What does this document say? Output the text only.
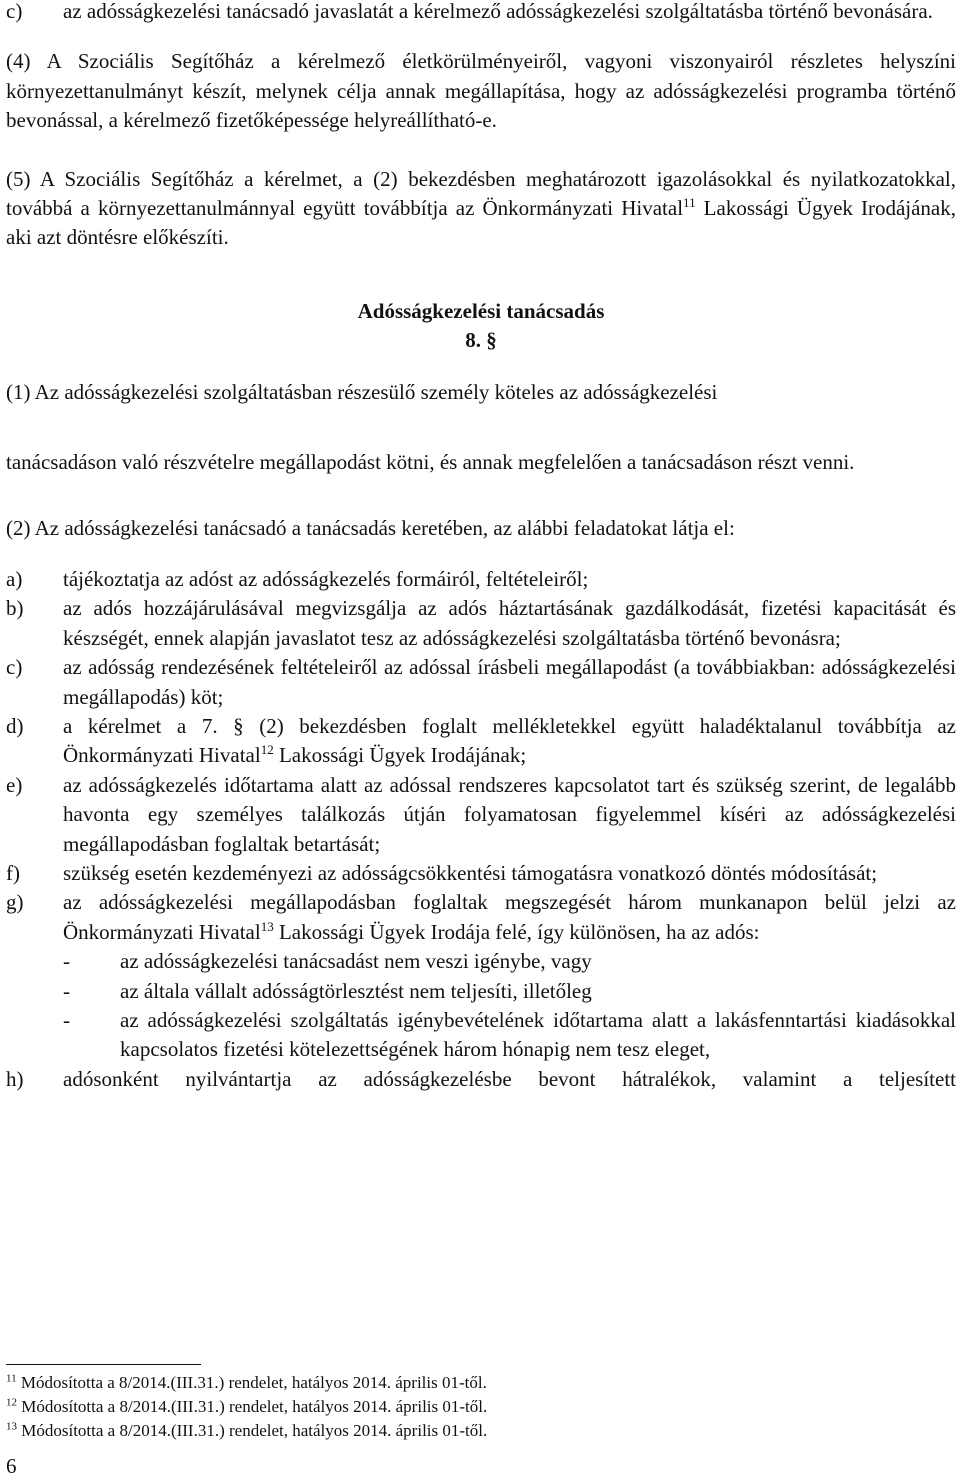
c)	az adósságkezelési tanácsadó javaslatát a kérelmező adósságkezelési szolgáltatásba történő bevonására.

(4) A Szociális Segítőház a kérelmező életkörülményeiről, vagyoni viszonyairól részletes helyszíni környezettanulmányt készít, melynek célja annak megállapítása, hogy az adósságkezelési programba történő bevonással, a kérelmező fizetőképessége helyreállítható-e.

(5) A Szociális Segítőház a kérelmet, a (2) bekezdésben meghatározott igazolásokkal és nyilatkozatokkal, továbbá a környezettanulmánnyal együtt továbbítja az Önkormányzati Hivatal$^{11}$ Lakossági Ügyek Irodájának, aki azt döntésre előkészíti.

Adósságkezelési tanácsadás

8. §

(1) Az adósságkezelési szolgáltatásban részesülő személy köteles az adósságkezelési

tanácsadáson való részvételre megállapodást kötni, és annak megfelelően a tanácsadáson részt venni.

(2) Az adósságkezelési tanácsadó a tanácsadás keretében, az alábbi feladatokat látja el:

a)	tájékoztatja az adóst az adósságkezelés formáiról, feltételeiről;
b)	az adós hozzájárulásával megvizsgálja az adós háztartásának gazdálkodását, fizetési kapacitását és készségét, ennek alapján javaslatot tesz az adósságkezelési szolgáltatásba történő bevonásra;
c)	az adósság rendezésének feltételeiről az adóssal írásbeli megállapodást (a továbbiakban: adósságkezelési megállapodás) köt;
d)	a kérelmet a 7. § (2) bekezdésben foglalt mellékletekkel együtt haladéktalanul továbbítja az Önkormányzati Hivatal$^{12}$ Lakossági Ügyek Irodájának;
e)	az adósságkezelés időtartama alatt az adóssal rendszeres kapcsolatot tart és szükség szerint, de legalább havonta egy személyes találkozás útján folyamatosan figyelemmel kíséri az adósságkezelési megállapodásban foglaltak betartását;
f)	szükség esetén kezdeményezi az adósságcsökkentési támogatásra vonatkozó döntés módosítását;
g)	az adósságkezelési megállapodásban foglaltak megszegését három munkanapon belül jelzi az Önkormányzati Hivatal$^{13}$ Lakossági Ügyek Irodája felé, így különösen, ha az adós:
-	az adósságkezelési tanácsadást nem veszi igénybe, vagy
-	az általa vállalt adósságtörlesztést nem teljesíti, illetőleg
-	az adósságkezelési szolgáltatás igénybevételének időtartama alatt a lakásfenntartási kiadásokkal kapcsolatos fizetési kötelezettségének három hónapig nem tesz eleget,
h)	adósonként nyilvántartja az adósságkezelésbe bevont hátralékok, valamint a teljesített

$^{11}$ Módosította a 8/2014.(III.31.) rendelet, hatályos 2014. április 01-től.

$^{12}$ Módosította a 8/2014.(III.31.) rendelet, hatályos 2014. április 01-től.

$^{13}$ Módosította a 8/2014.(III.31.) rendelet, hatályos 2014. április 01-től.

6
